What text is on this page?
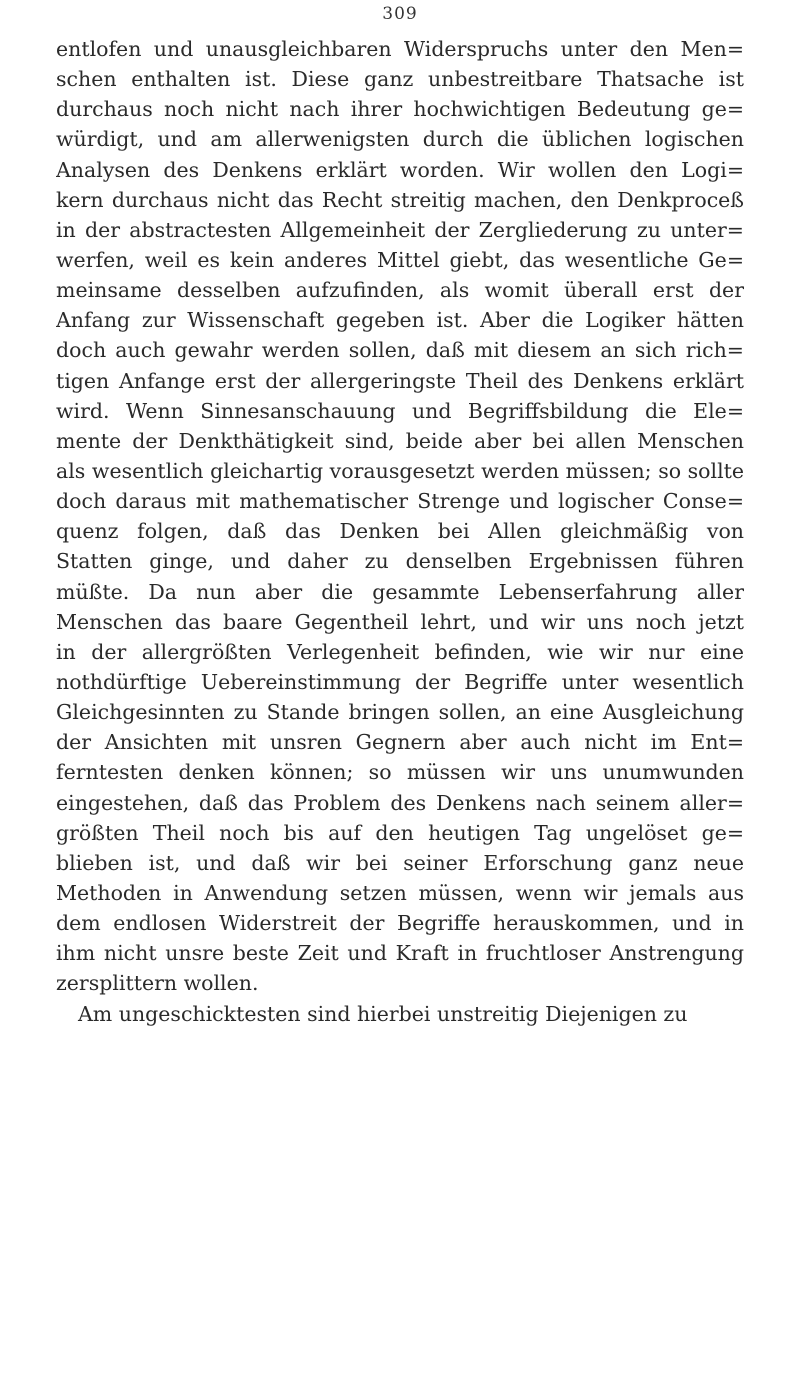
309
entlofen und unausgleichbaren Widerspruchs unter den Men=
schen enthalten ist. Diese ganz unbestreitbare Thatsache ist
durchaus noch nicht nach ihrer hochwichtigen Bedeutung ge=
würdigt, und am allerwenigsten durch die üblichen logischen
Analysen des Denkens erklärt worden. Wir wollen den Logi=
kern durchaus nicht das Recht streitig machen, den Denkproceß
in der abstractesten Allgemeinheit der Zergliederung zu unter=
werfen, weil es kein anderes Mittel giebt, das wesentliche Ge=
meinsame desselben aufzufinden, als womit überall erst der
Anfang zur Wissenschaft gegeben ist. Aber die Logiker hätten
doch auch gewahr werden sollen, daß mit diesem an sich rich=
tigen Anfange erst der allergeringste Theil des Denkens erklärt
wird. Wenn Sinnesanschauung und Begriffsbildung die Ele=
mente der Denkthätigkeit sind, beide aber bei allen Menschen
als wesentlich gleichartig vorausgesetzt werden müssen; so sollte
doch daraus mit mathematischer Strenge und logischer Conse=
quenz folgen, daß das Denken bei Allen gleichmäßig von
Statten ginge, und daher zu denselben Ergebnissen führen
müßte. Da nun aber die gesammte Lebenserfahrung aller
Menschen das baare Gegentheil lehrt, und wir uns noch jetzt
in der allergrößten Verlegenheit befinden, wie wir nur eine
nothdürftige Uebereinstimmung der Begriffe unter wesentlich
Gleichgesinnten zu Stande bringen sollen, an eine Ausgleichung
der Ansichten mit unsren Gegnern aber auch nicht im Ent=
ferntesten denken können; so müssen wir uns unumwunden
eingestehen, daß das Problem des Denkens nach seinem aller=
größten Theil noch bis auf den heutigen Tag ungelöset ge=
blieben ist, und daß wir bei seiner Erforschung ganz neue
Methoden in Anwendung setzen müssen, wenn wir jemals aus
dem endlosen Widerstreit der Begriffe herauskommen, und in
ihm nicht unsre beste Zeit und Kraft in fruchtloser Anstrengung
zersplittern wollen.
Am ungeschicktesten sind hierbei unstreitig Diejenigen zu
